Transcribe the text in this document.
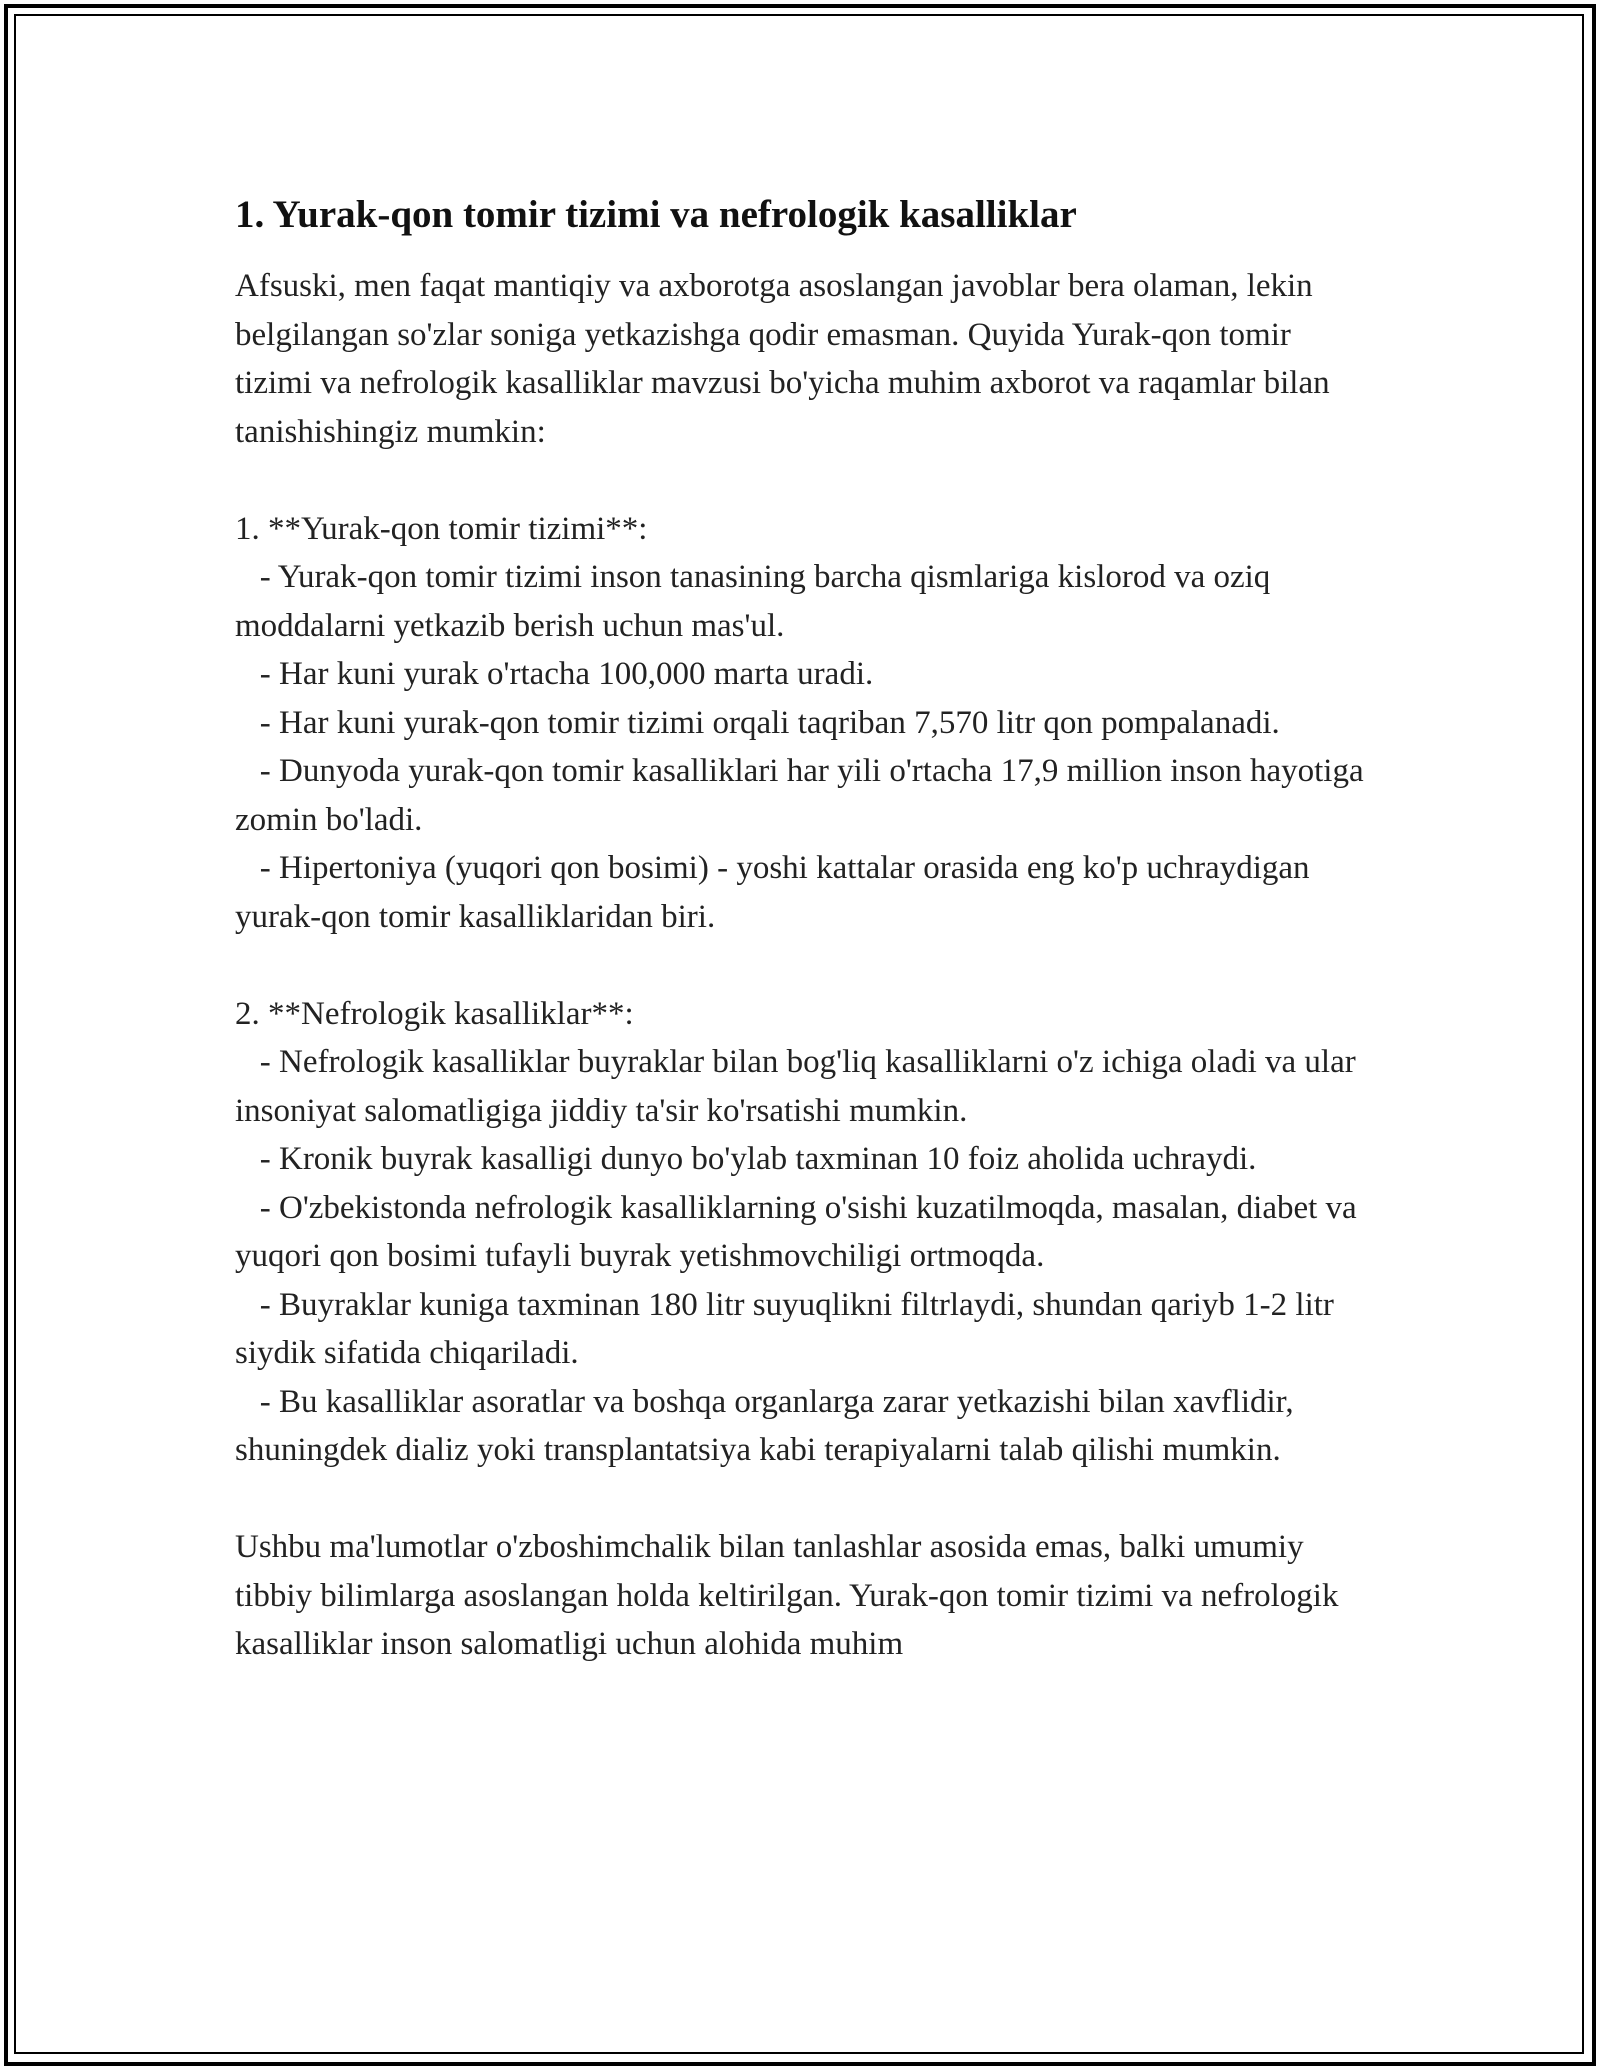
1. Yurak-qon tomir tizimi va nefrologik kasalliklar

Afsuski, men faqat mantiqiy va axborotga asoslangan javoblar bera olaman, lekin belgilangan so'zlar soniga yetkazishga qodir emasman. Quyida Yurak-qon tomir tizimi va nefrologik kasalliklar mavzusi bo'yicha muhim axborot va raqamlar bilan tanishishingiz mumkin:

1. **Yurak-qon tomir tizimi**:
- Yurak-qon tomir tizimi inson tanasining barcha qismlariga kislorod va oziq moddalarni yetkazib berish uchun mas'ul.
- Har kuni yurak o'rtacha 100,000 marta uradi.
- Har kuni yurak-qon tomir tizimi orqali taqriban 7,570 litr qon pompalanadi.
- Dunyoda yurak-qon tomir kasalliklari har yili o'rtacha 17,9 million inson hayotiga zomin bo'ladi.
- Hipertoniya (yuqori qon bosimi) - yoshi kattalar orasida eng ko'p uchraydigan yurak-qon tomir kasalliklaridan biri.

2. **Nefrologik kasalliklar**:
- Nefrologik kasalliklar buyraklar bilan bog'liq kasalliklarni o'z ichiga oladi va ular insoniyat salomatligiga jiddiy ta'sir ko'rsatishi mumkin.
- Kronik buyrak kasalligi dunyo bo'ylab taxminan 10 foiz aholida uchraydi.
- O'zbekistonda nefrologik kasalliklarning o'sishi kuzatilmoqda, masalan, diabet va yuqori qon bosimi tufayli buyrak yetishmovchiligi ortmoqda.
- Buyraklar kuniga taxminan 180 litr suyuqlikni filtrlaydi, shundan qariyb 1-2 litr siydik sifatida chiqariladi.
- Bu kasalliklar asoratlar va boshqa organlarga zarar yetkazishi bilan xavflidir, shuningdek dializ yoki transplantatsiya kabi terapiyalarni talab qilishi mumkin.

Ushbu ma'lumotlar o'zboshimchalik bilan tanlashlar asosida emas, balki umumiy tibbiy bilimlarga asoslangan holda keltirilgan. Yurak-qon tomir tizimi va nefrologik kasalliklar inson salomatligi uchun alohida muhim
